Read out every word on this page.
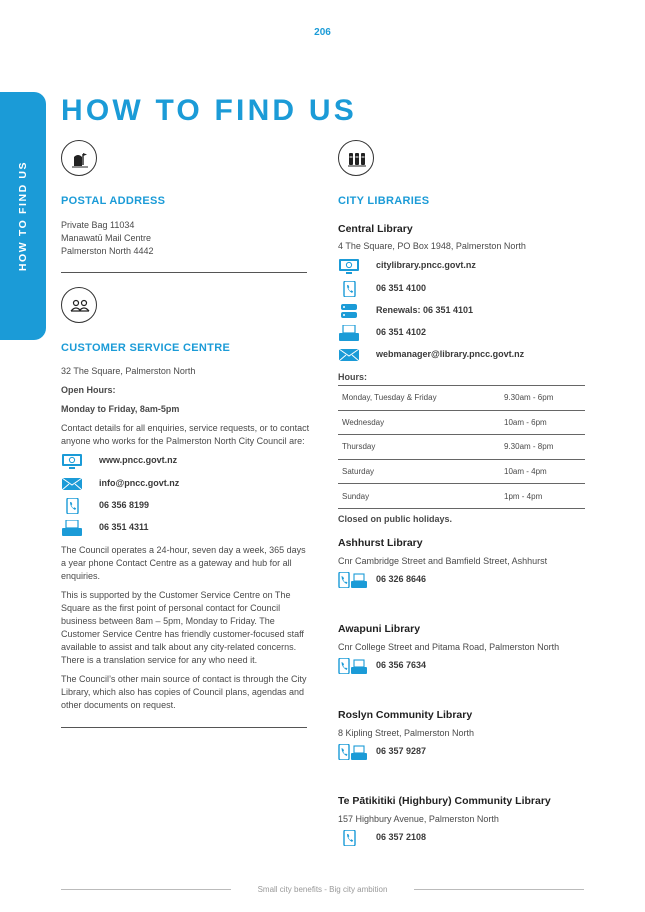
206
HOW TO FIND US
HOW TO FIND US
POSTAL ADDRESS
Private Bag 11034
Manawatū Mail Centre
Palmerston North 4442
CUSTOMER SERVICE CENTRE
32 The Square, Palmerston North
Open Hours:
Monday to Friday, 8am-5pm
Contact details for all enquiries, service requests, or to contact
anyone who works for the Palmerston North City Council are:
www.pncc.govt.nz
info@pncc.govt.nz
06 356 8199
06 351 4311
The Council operates a 24-hour, seven day a week, 365 days
a year phone Contact Centre as a gateway and hub for all
enquiries.
This is supported by the Customer Service Centre on The
Square as the first point of personal contact for Council
business between 8am – 5pm, Monday to Friday. The
Customer Service Centre has friendly customer-focused staff
available to assist and talk about any city-related concerns.
There is a translation service for any who need it.
The Council’s other main source of contact is through the City
Library, which also has copies of Council plans, agendas and
other documents on request.
CITY LIBRARIES
Central Library
4 The Square, PO Box 1948, Palmerston North
citylibrary.pncc.govt.nz
06 351 4100
Renewals: 06 351 4101
06 351 4102
webmanager@library.pncc.govt.nz
Hours:
Monday, Tuesday & Friday	9.30am - 6pm
Wednesday	10am - 6pm
Thursday	9.30am - 8pm
Saturday	10am - 4pm
Sunday	1pm - 4pm
Closed on public holidays.
Ashhurst Library
Cnr Cambridge Street and Bamfield Street, Ashhurst
06 326 8646
Awapuni Library
Cnr College Street and Pitama Road, Palmerston North
06 356 7634
Roslyn Community Library
8 Kipling Street, Palmerston North
06 357 9287
Te Pātikitiki (Highbury) Community Library
157 Highbury Avenue, Palmerston North
06 357 2108
Small city benefits - Big city ambition
